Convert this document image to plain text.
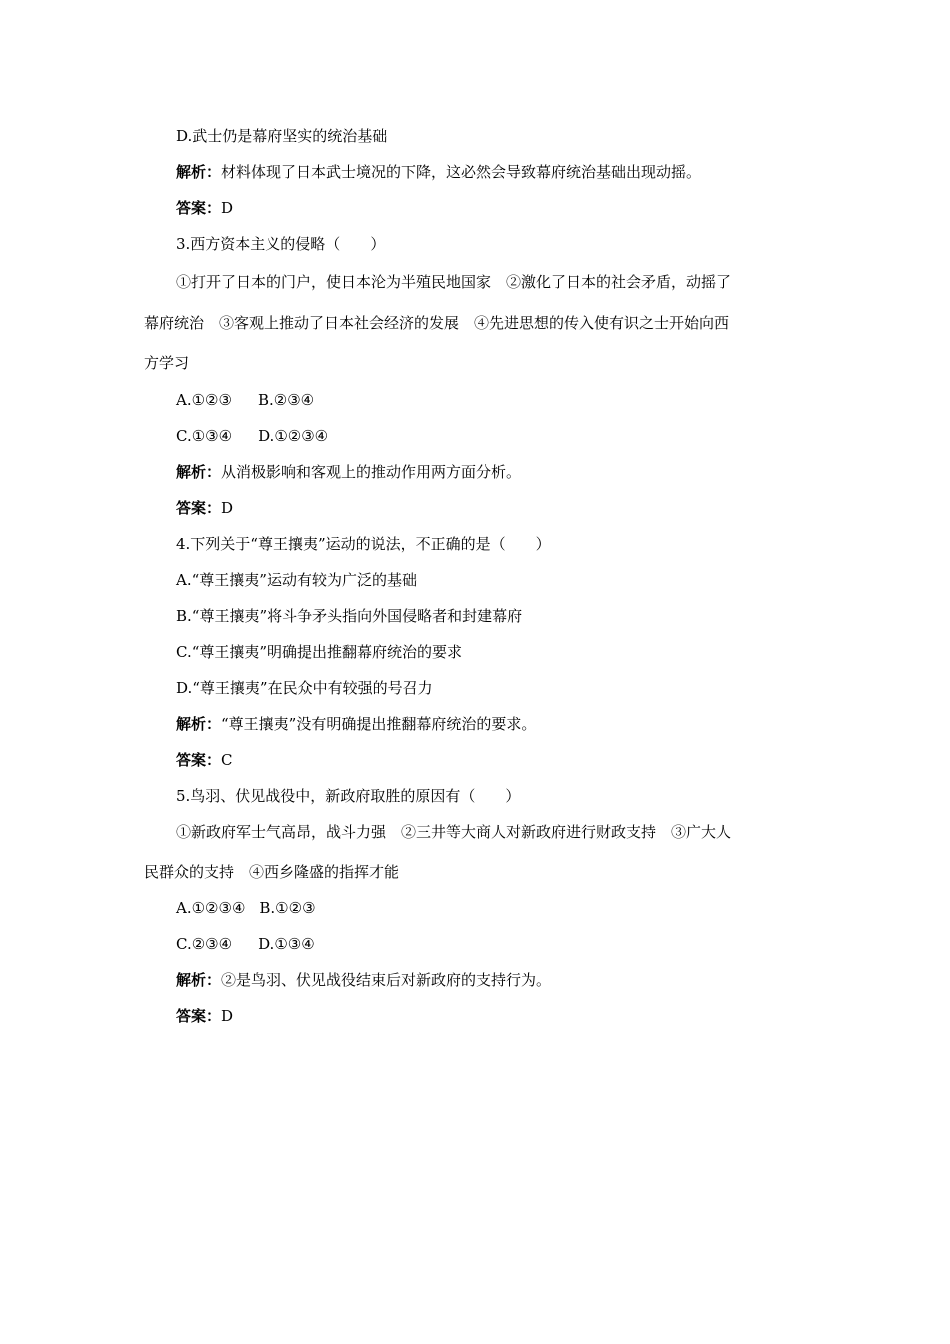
D.武士仍是幕府坚实的统治基础
解析：材料体现了日本武士境况的下降，这必然会导致幕府统治基础出现动摇。
答案：D
3.西方资本主义的侵略（　　）
①打开了日本的门户，使日本沦为半殖民地国家　②激化了日本的社会矛盾，动摇了
幕府统治　③客观上推动了日本社会经济的发展　④先进思想的传入使有识之士开始向西
方学习
A.①②③ B.②③④
C.①③④ D.①②③④
解析：从消极影响和客观上的推动作用两方面分析。
答案：D
4.下列关于“尊王攘夷”运动的说法，不正确的是（　　）
A.“尊王攘夷”运动有较为广泛的基础
B.“尊王攘夷”将斗争矛头指向外国侵略者和封建幕府
C.“尊王攘夷”明确提出推翻幕府统治的要求
D.“尊王攘夷”在民众中有较强的号召力
解析：“尊王攘夷”没有明确提出推翻幕府统治的要求。
答案：C
5.鸟羽、伏见战役中，新政府取胜的原因有（　　）
①新政府军士气高昂，战斗力强　②三井等大商人对新政府进行财政支持　③广大人
民群众的支持　④西乡隆盛的指挥才能
A.①②③④ B.①②③
C.②③④ D.①③④
解析：②是鸟羽、伏见战役结束后对新政府的支持行为。
答案：D
